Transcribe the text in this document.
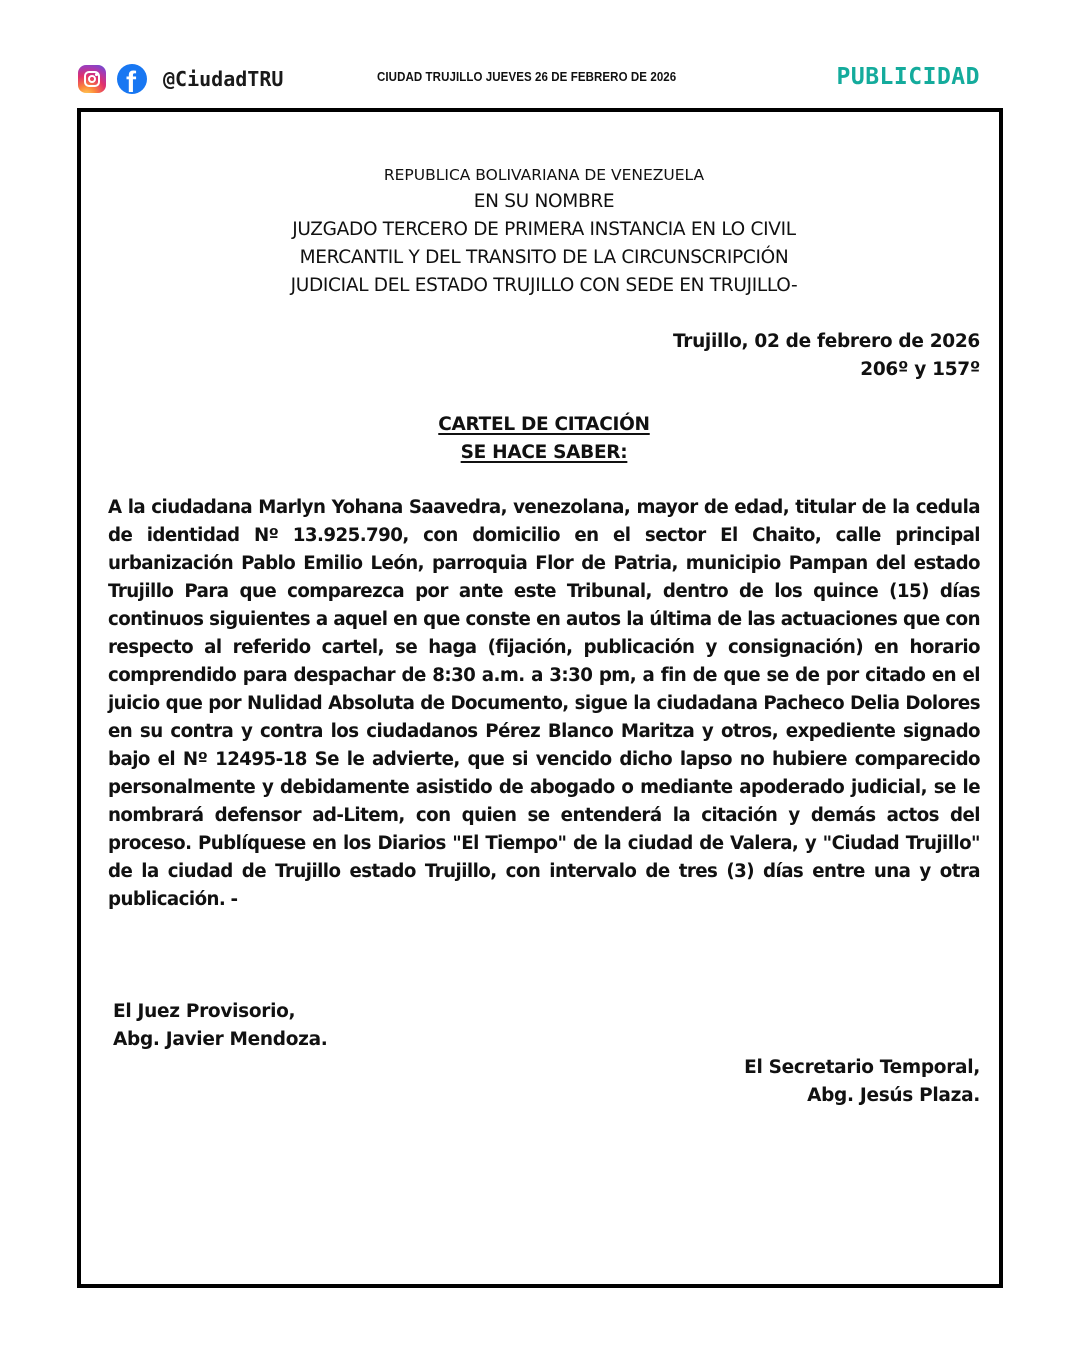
f @CiudadTRU	CIUDAD TRUJILLO JUEVES 26 DE FEBRERO DE 2026	PUBLICIDAD
REPUBLICA BOLIVARIANA DE VENEZUELA
EN SU NOMBRE
JUZGADO TERCERO DE PRIMERA INSTANCIA EN LO CIVIL
MERCANTIL Y DEL TRANSITO DE LA CIRCUNSCRIPCIÓN
JUDICIAL DEL ESTADO TRUJILLO CON SEDE EN TRUJILLO-
Trujillo, 02 de febrero de 2026
206º y 157º
CARTEL DE CITACIÓN
SE HACE SABER:
A la ciudadana Marlyn Yohana Saavedra, venezolana, mayor de edad, titular de la cedula de identidad Nº 13.925.790, con domicilio en el sector El Chaito, calle principal urbanización Pablo Emilio León, parroquia Flor de Patria, municipio Pampan del estado Trujillo Para que comparezca por ante este Tribunal, dentro de los quince (15) días continuos siguientes a aquel en que conste en autos la última de las actuaciones que con respecto al referido cartel, se haga (fijación, publicación y consignación) en horario comprendido para despachar de 8:30 a.m. a 3:30 pm, a fin de que se de por citado en el juicio que por Nulidad Absoluta de Documento, sigue la ciudadana Pacheco Delia Dolores en su contra y contra los ciudadanos Pérez Blanco Maritza y otros, expediente signado bajo el Nº 12495-18 Se le advierte, que si vencido dicho lapso no hubiere comparecido personalmente y debidamente asistido de abogado o mediante apoderado judicial, se le nombrará defensor ad-Litem, con quien se entenderá la citación y demás actos del proceso. Publíquese en los Diarios "El Tiempo" de la ciudad de Valera, y "Ciudad Trujillo" de la ciudad de Trujillo estado Trujillo, con intervalo de tres (3) días entre una y otra publicación. -
El Juez Provisorio,
Abg. Javier Mendoza.
El Secretario Temporal,
Abg. Jesús Plaza.
